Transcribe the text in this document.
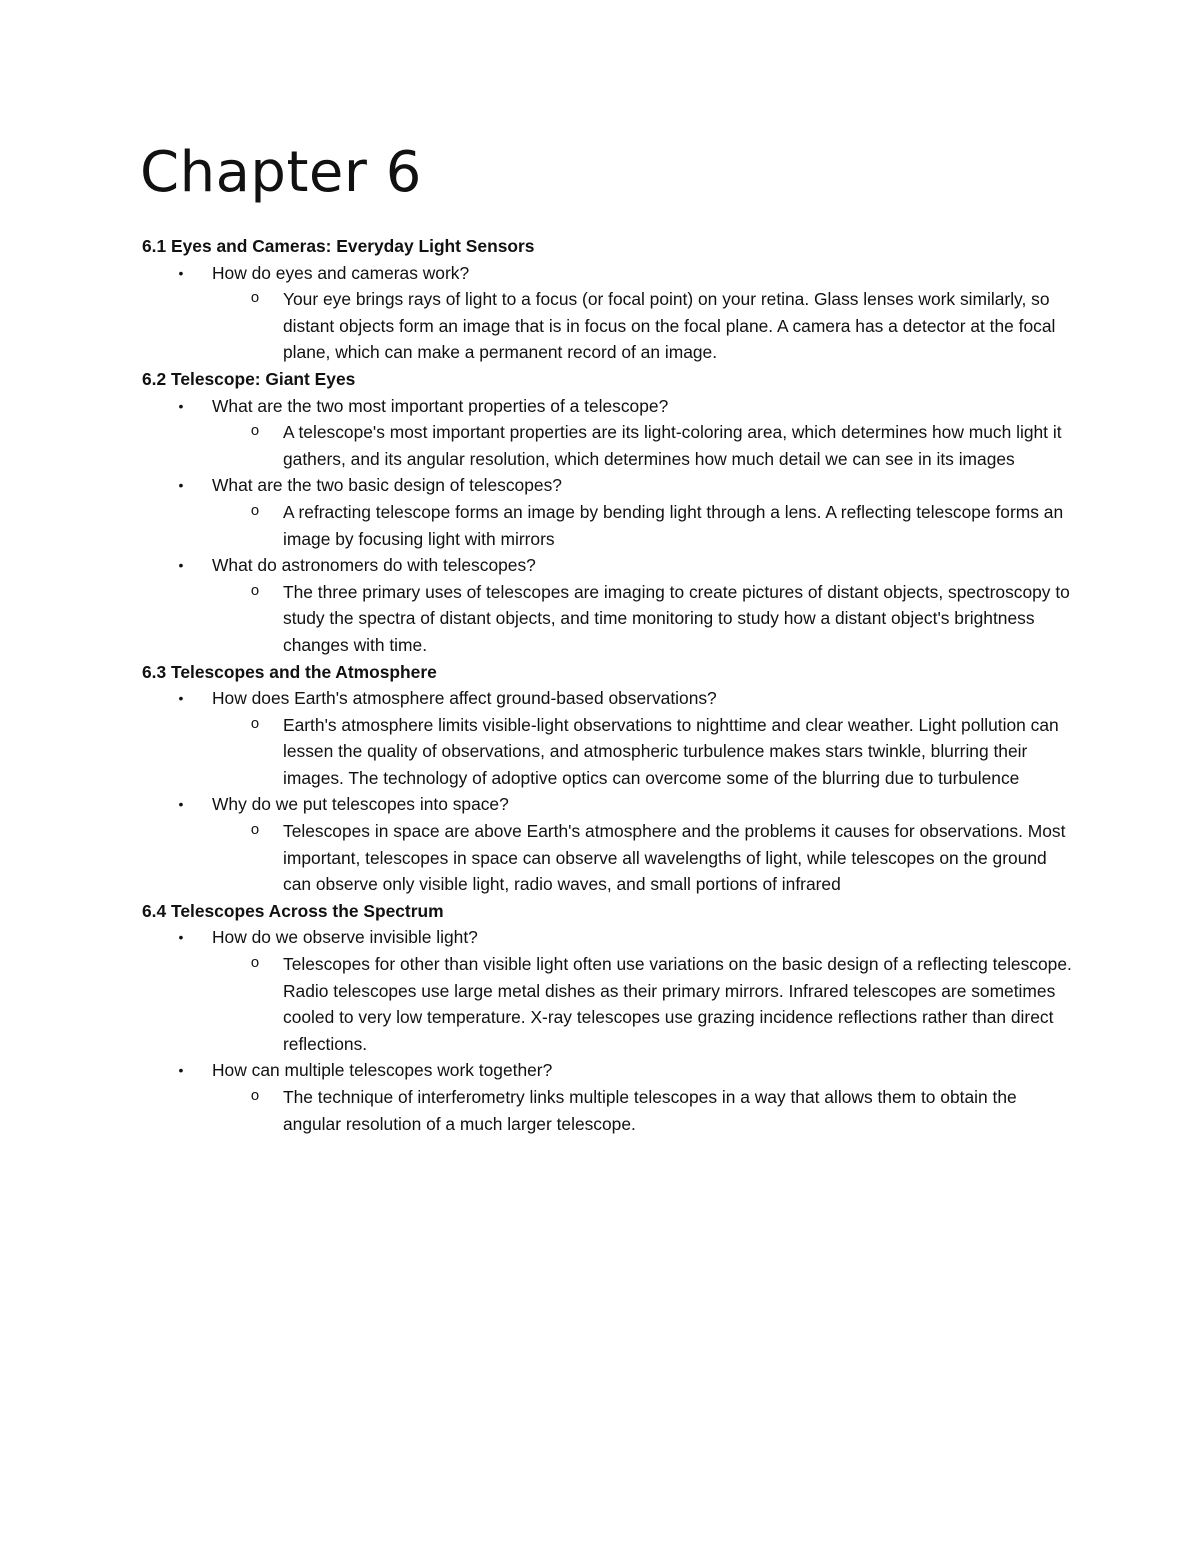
Chapter 6

6.1 Eyes and Cameras: Everyday Light Sensors

• How do eyes and cameras work?

o Your eye brings rays of light to a focus (or focal point) on your retina. Glass lenses work similarly, so distant objects form an image that is in focus on the focal plane. A camera has a detector at the focal plane, which can make a permanent record of an image.

6.2 Telescope: Giant Eyes

• What are the two most important properties of a telescope?

o A telescope's most important properties are its light-coloring area, which determines how much light it gathers, and its angular resolution, which determines how much detail we can see in its images

• What are the two basic design of telescopes?

o A refracting telescope forms an image by bending light through a lens. A reflecting telescope forms an image by focusing light with mirrors

• What do astronomers do with telescopes?

o The three primary uses of telescopes are imaging to create pictures of distant objects, spectroscopy to study the spectra of distant objects, and time monitoring to study how a distant object's brightness changes with time.

6.3 Telescopes and the Atmosphere

• How does Earth's atmosphere affect ground-based observations?

o Earth's atmosphere limits visible-light observations to nighttime and clear weather. Light pollution can lessen the quality of observations, and atmospheric turbulence makes stars twinkle, blurring their images. The technology of adoptive optics can overcome some of the blurring due to turbulence

• Why do we put telescopes into space?

o Telescopes in space are above Earth's atmosphere and the problems it causes for observations. Most important, telescopes in space can observe all wavelengths of light, while telescopes on the ground can observe only visible light, radio waves, and small portions of infrared

6.4 Telescopes Across the Spectrum

• How do we observe invisible light?

o Telescopes for other than visible light often use variations on the basic design of a reflecting telescope. Radio telescopes use large metal dishes as their primary mirrors. Infrared telescopes are sometimes cooled to very low temperature. X-ray telescopes use grazing incidence reflections rather than direct reflections.

• How can multiple telescopes work together?

o The technique of interferometry links multiple telescopes in a way that allows them to obtain the angular resolution of a much larger telescope.
